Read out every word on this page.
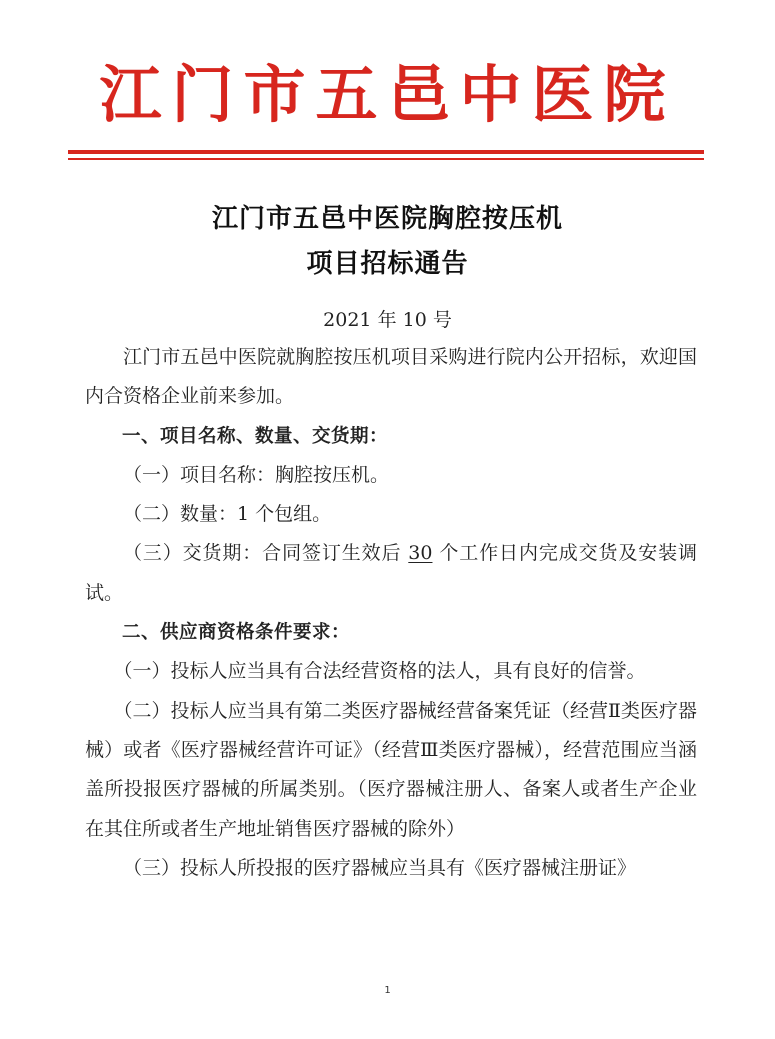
江门市五邑中医院
江门市五邑中医院胸腔按压机
项目招标通告
2021 年 10 号

江门市五邑中医院就胸腔按压机项目采购进行院内公开招标，欢迎国内合资格企业前来参加。

一、项目名称、数量、交货期：

（一）项目名称：胸腔按压机。

（二）数量：1 个包组。

（三）交货期：合同签订生效后 30 个工作日内完成交货及安装调试。

二、供应商资格条件要求：

（一）投标人应当具有合法经营资格的法人，具有良好的信誉。

（二）投标人应当具有第二类医疗器械经营备案凭证（经营Ⅱ类医疗器械）或者《医疗器械经营许可证》（经营Ⅲ类医疗器械），经营范围应当涵盖所投报医疗器械的所属类别。（医疗器械注册人、备案人或者生产企业在其住所或者生产地址销售医疗器械的除外）

（三）投标人所投报的医疗器械应当具有《医疗器械注册证》

1
